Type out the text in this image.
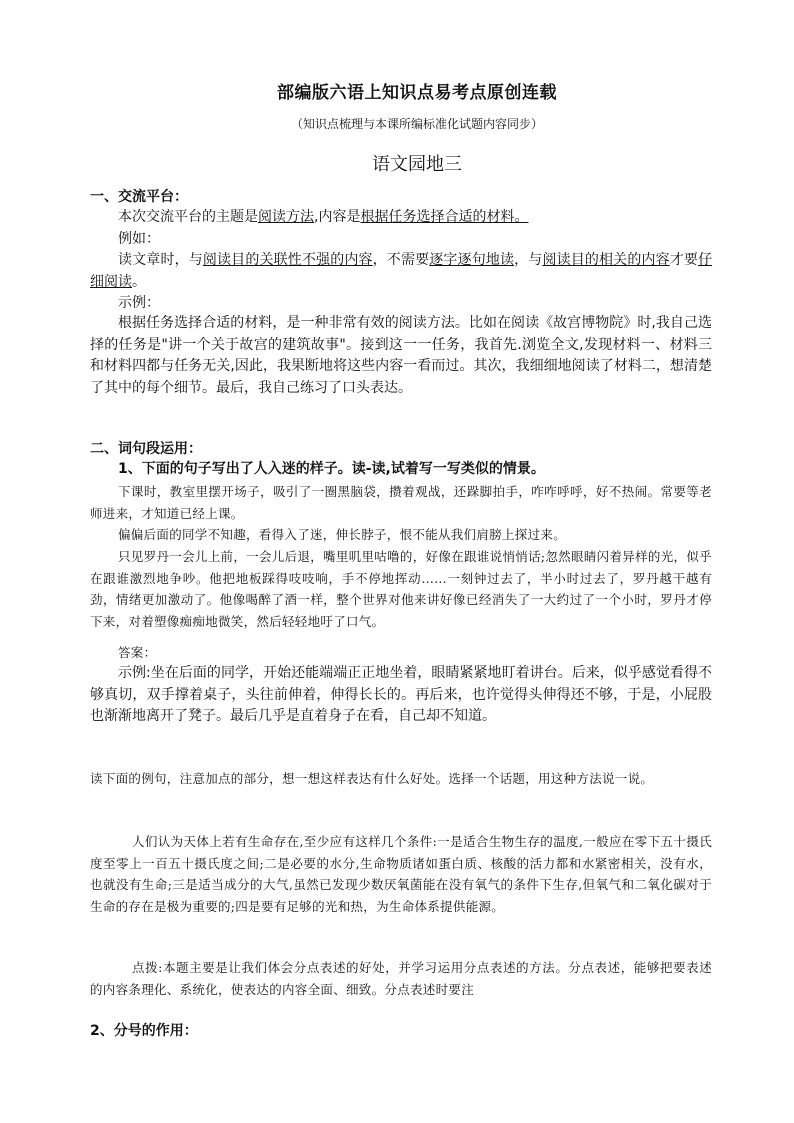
部编版六语上知识点易考点原创连载
（知识点梳理与本课所编标准化试题内容同步）
语文园地三
一、交流平台：
本次交流平台的主题是阅读方法,内容是根据任务选择合适的材料。
例如：
读文章时，与阅读目的关联性不强的内容，不需要逐字逐句地读，与阅读目的相关的内容才要仔细阅读。
示例：
根据任务选择合适的材料，是一种非常有效的阅读方法。比如在阅读《故宫博物院》时,我自己选择的任务是"讲一个关于故宫的建筑故事"。接到这一一任务，我首先.浏览全文,发现材料一、材料三和材料四都与任务无关,因此，我果断地将这些内容一看而过。其次，我细细地阅读了材料二，想清楚了其中的每个细节。最后，我自己练习了口头表达。
二、词句段运用：
1、下面的句子写出了人入迷的样子。读-读,试着写一写类似的情景。
下课时，教室里摆开场子，吸引了一圈黑脑袋，攒着观战，还跺脚拍手，咋咋呼呼，好不热闹。常要等老师进来，才知道已经上课。
偏偏后面的同学不知趣，看得入了迷，伸长脖子，恨不能从我们肩膀上探过来。
只见罗丹一会儿上前，一会儿后退，嘴里叽里咕噜的，好像在跟谁说悄悄话;忽然眼睛闪着异样的光，似乎在跟谁激烈地争吵。他把地板踩得吱吱响，手不停地挥动……一刻钟过去了，半小时过去了，罗丹越干越有劲，情绪更加激动了。他像喝醉了酒一样，整个世界对他来讲好像已经消失了一大约过了一个小时，罗丹才停下来，对着塑像痴痴地微笑，然后轻轻地吁了口气。
答案：
示例:坐在后面的同学，开始还能端端正正地坐着，眼睛紧紧地盯着讲台。后来，似乎感觉看得不够真切，双手撑着桌子，头往前伸着，伸得长长的。再后来，也许觉得头伸得还不够，于是，小屁股也渐渐地离开了凳子。最后几乎是直着身子在看，自己却不知道。
读下面的例句，注意加点的部分，想一想这样表达有什么好处。选择一个话题，用这种方法说一说。
人们认为天体上若有生命存在,至少应有这样几个条件:一是适合生物生存的温度,一般应在零下五十摄氏度至零上一百五十摄氏度之间;二是必要的水分,生命物质诸如蛋白质、核酸的活力都和水紧密相关，没有水，也就没有生命;三是适当成分的大气,虽然已发现少数厌氧菌能在没有氧气的条件下生存,但氧气和二氧化碳对于生命的存在是极为重要的;四是要有足够的光和热，为生命体系提供能源。
点拨:本题主要是让我们体会分点表述的好处，并学习运用分点表述的方法。分点表述，能够把要表述的内容条理化、系统化，使表达的内容全面、细致。分点表述时要注
2、分号的作用：
